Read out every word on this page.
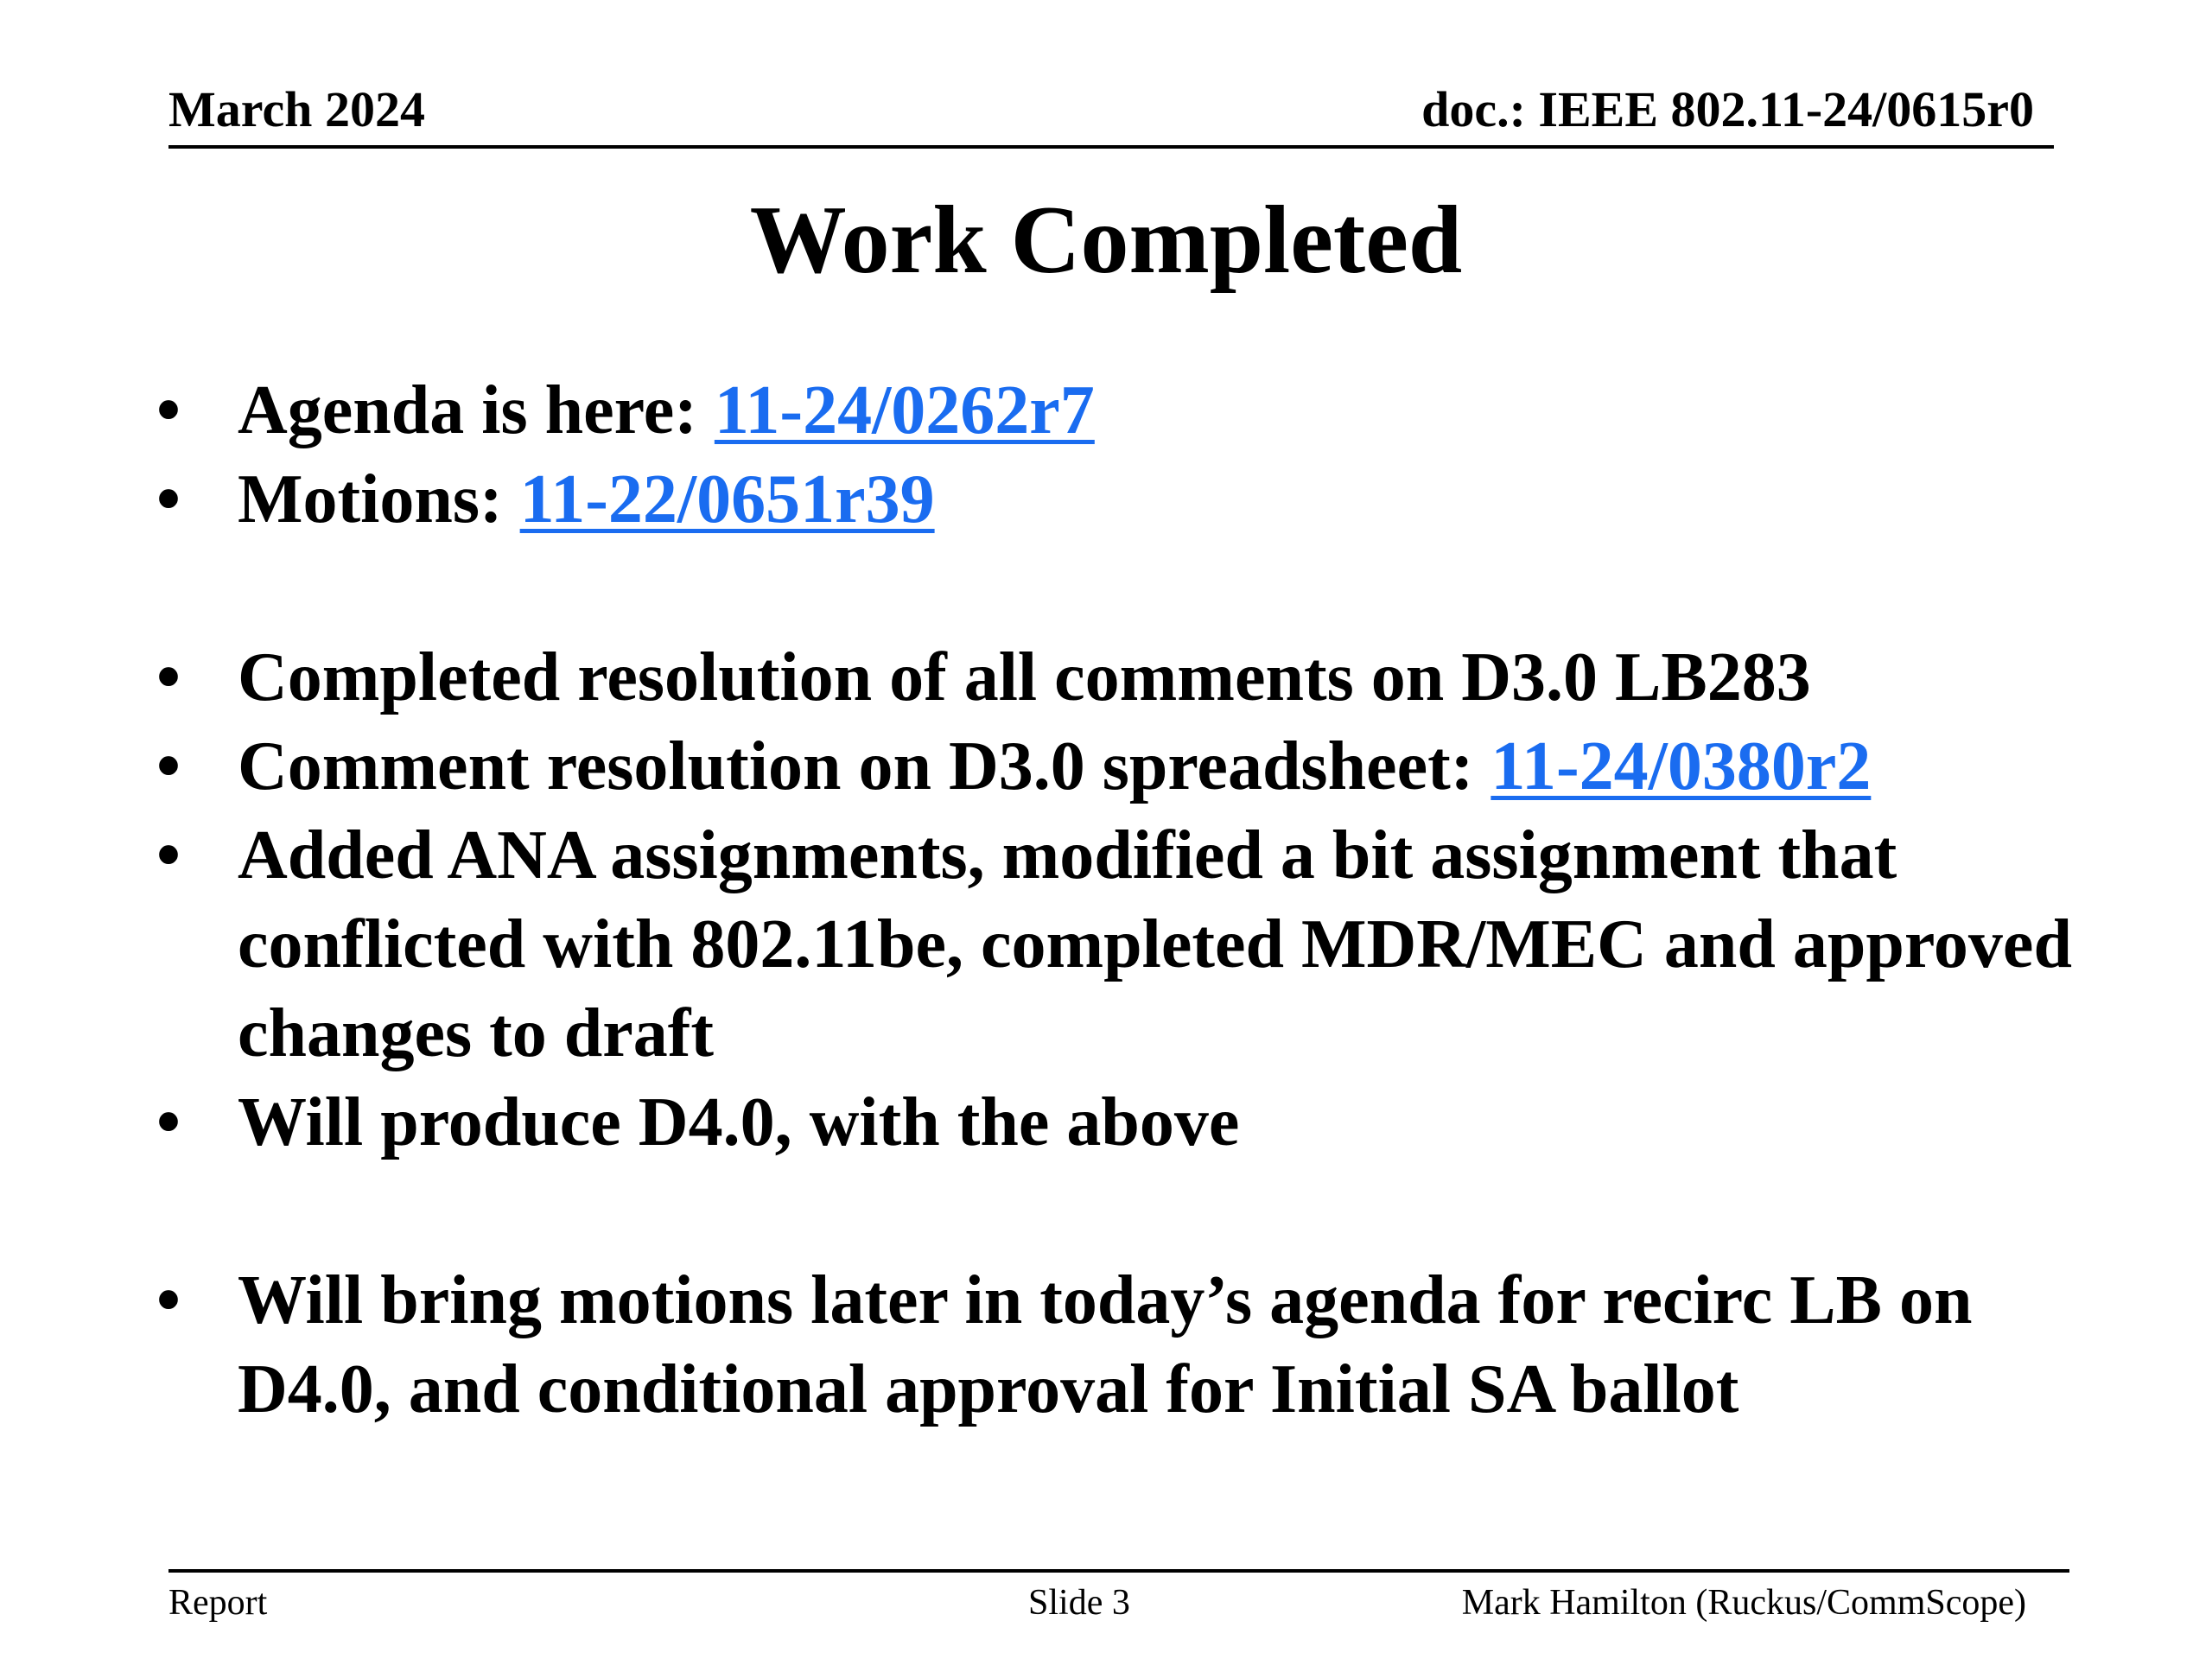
March 2024	doc.: IEEE 802.11-24/0615r0
Work Completed
• Agenda is here: 11-24/0262r7
• Motions: 11-22/0651r39
• Completed resolution of all comments on D3.0 LB283
• Comment resolution on D3.0 spreadsheet: 11-24/0380r2
• Added ANA assignments, modified a bit assignment that conflicted with 802.11be, completed MDR/MEC and approved changes to draft
• Will produce D4.0, with the above
• Will bring motions later in today’s agenda for recirc LB on D4.0, and conditional approval for Initial SA ballot
Report	Slide 3	Mark Hamilton (Ruckus/CommScope)
